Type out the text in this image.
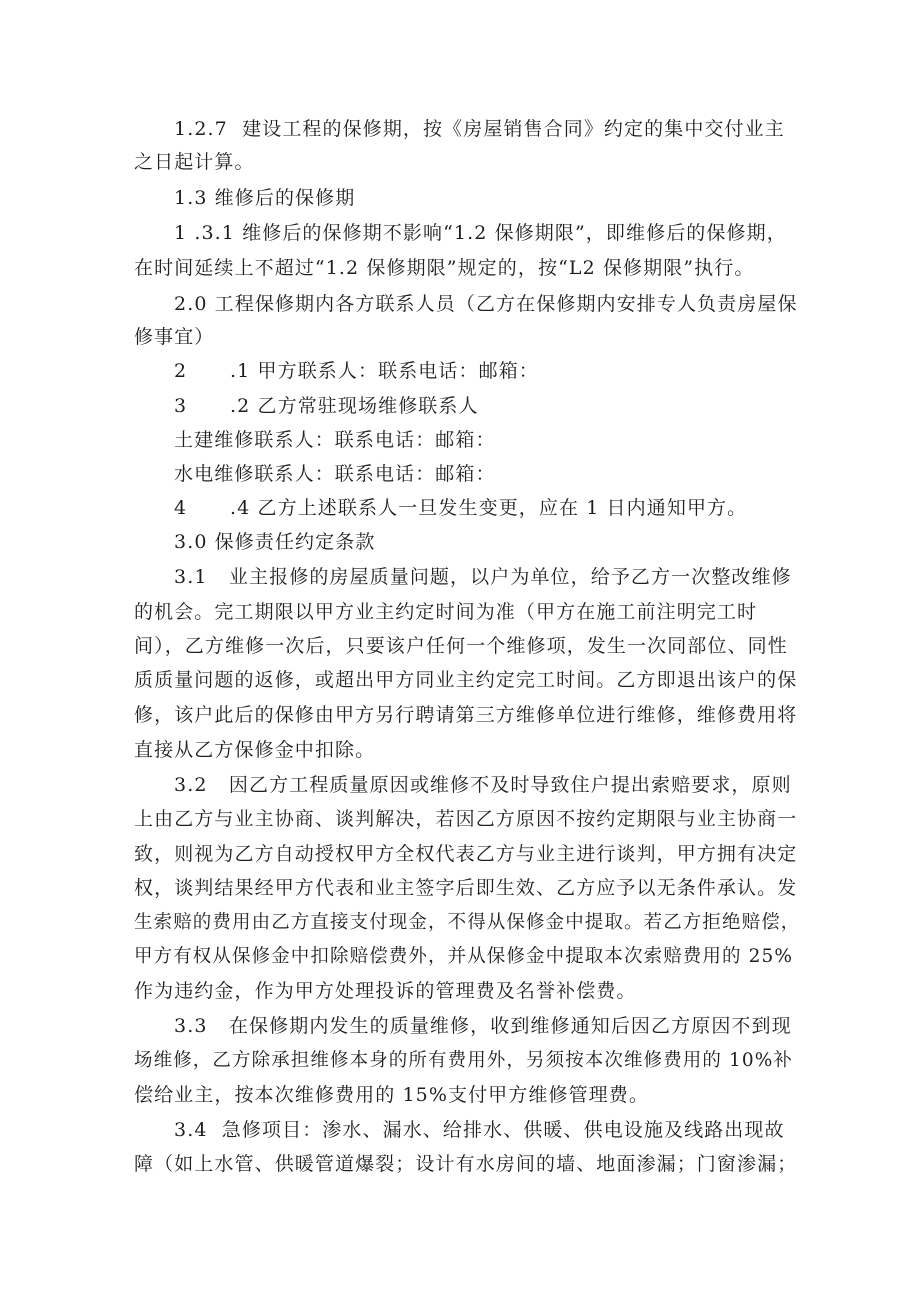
1.2.7  建设工程的保修期，按《房屋销售合同》约定的集中交付业主
之日起计算。
1.3 维修后的保修期
1 .3.1 维修后的保修期不影响“1.2 保修期限”，即维修后的保修期，
在时间延续上不超过“1.2 保修期限”规定的，按“L2 保修期限”执行。
2.0 工程保修期内各方联系人员（乙方在保修期内安排专人负责房屋保
修事宜）
2      .1 甲方联系人：联系电话：邮箱：
3      .2 乙方常驻现场维修联系人
土建维修联系人：联系电话：邮箱：
水电维修联系人：联系电话：邮箱：
4      .4 乙方上述联系人一旦发生变更，应在 1 日内通知甲方。
3.0 保修责任约定条款
3.1   业主报修的房屋质量问题，以户为单位，给予乙方一次整改维修
的机会。完工期限以甲方业主约定时间为准（甲方在施工前注明完工时
间），乙方维修一次后，只要该户任何一个维修项，发生一次同部位、同性
质质量问题的返修，或超出甲方同业主约定完工时间。乙方即退出该户的保
修，该户此后的保修由甲方另行聘请第三方维修单位进行维修，维修费用将
直接从乙方保修金中扣除。
3.2   因乙方工程质量原因或维修不及时导致住户提出索赔要求，原则
上由乙方与业主协商、谈判解决，若因乙方原因不按约定期限与业主协商一
致，则视为乙方自动授权甲方全权代表乙方与业主进行谈判，甲方拥有决定
权，谈判结果经甲方代表和业主签字后即生效、乙方应予以无条件承认。发
生索赔的费用由乙方直接支付现金，不得从保修金中提取。若乙方拒绝赔偿，
甲方有权从保修金中扣除赔偿费外，并从保修金中提取本次索赔费用的 25%
作为违约金，作为甲方处理投诉的管理费及名誉补偿费。
3.3   在保修期内发生的质量维修，收到维修通知后因乙方原因不到现
场维修，乙方除承担维修本身的所有费用外，另须按本次维修费用的 10%补
偿给业主，按本次维修费用的 15%支付甲方维修管理费。
3.4  急修项目：渗水、漏水、给排水、供暖、供电设施及线路出现故
障（如上水管、供暖管道爆裂；设计有水房间的墙、地面渗漏；门窗渗漏；
